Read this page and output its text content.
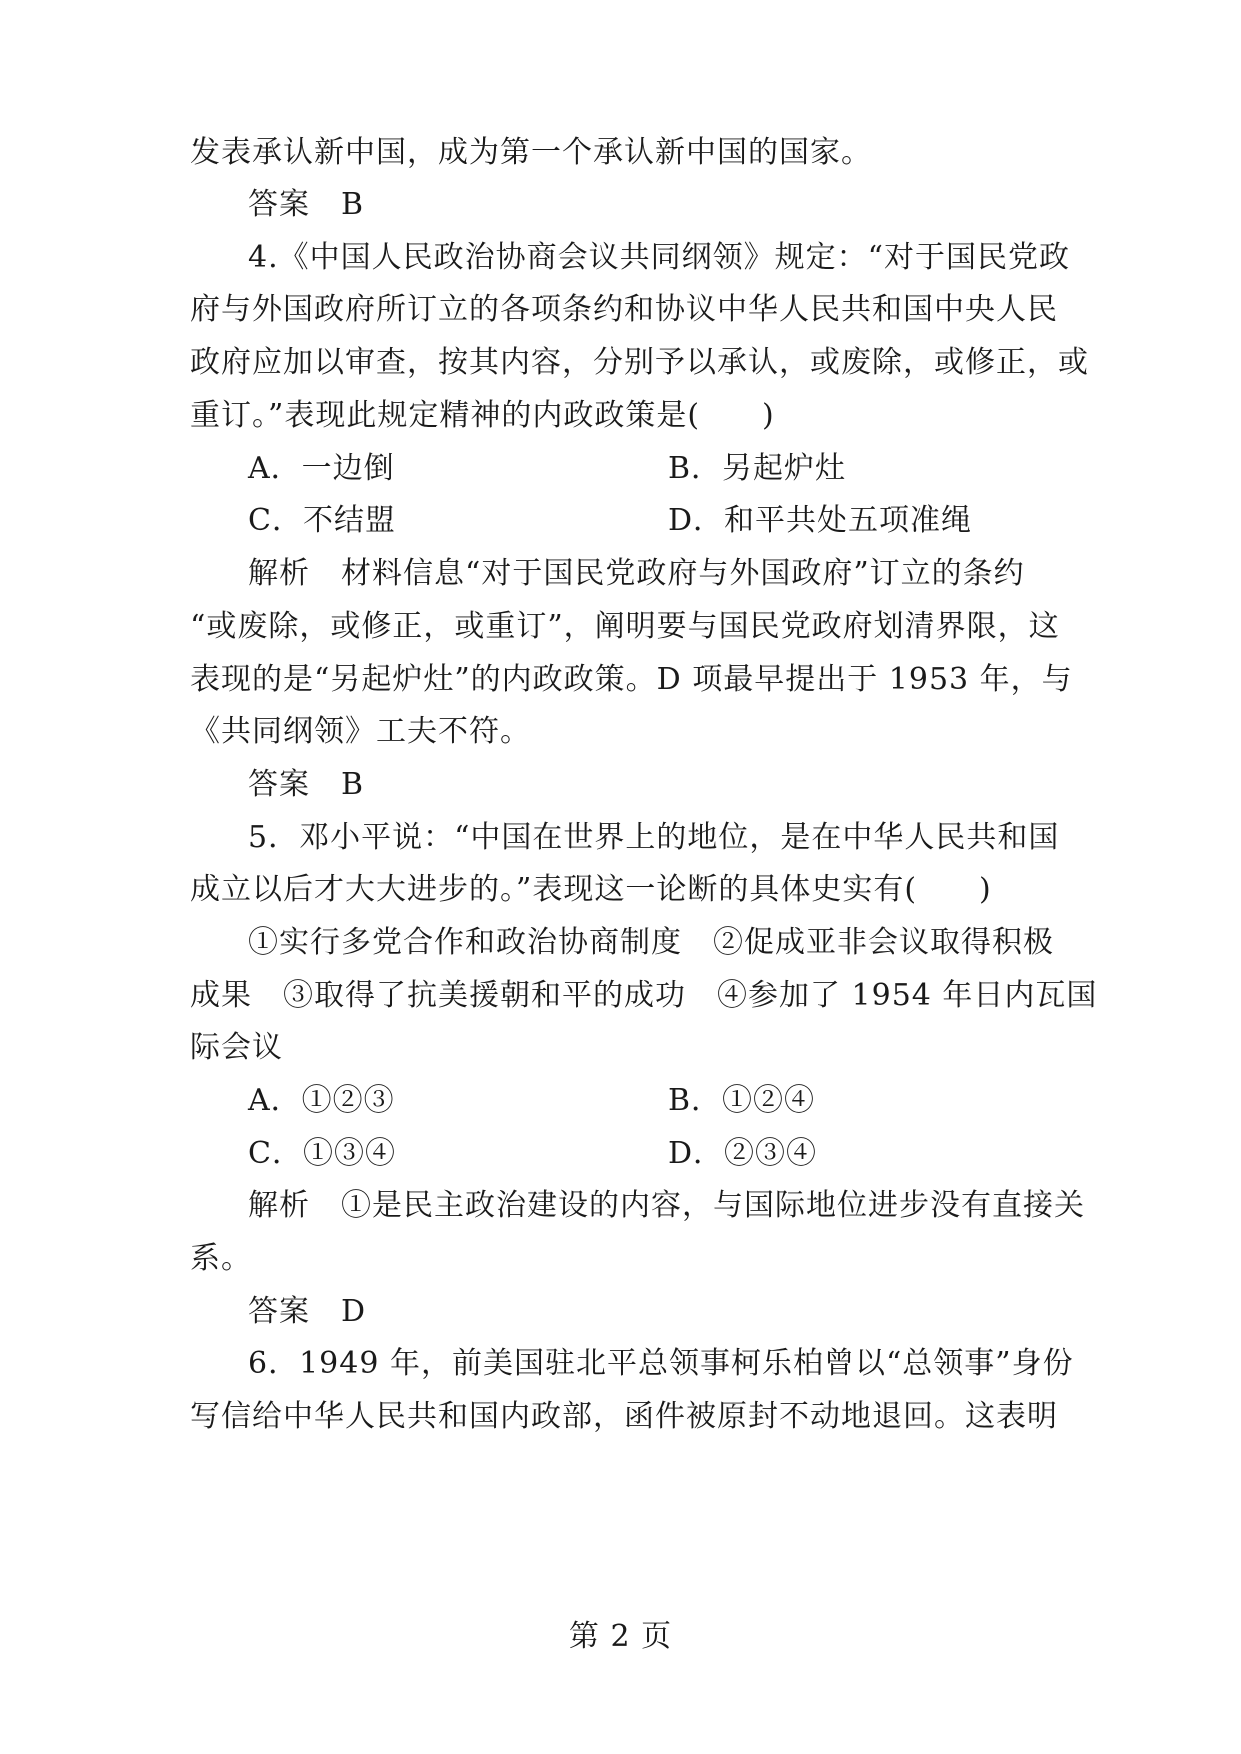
发表承认新中国，成为第一个承认新中国的国家。
答案　B
4.《中国人民政治协商会议共同纲领》规定：“对于国民党政
府与外国政府所订立的各项条约和协议中华人民共和国中央人民
政府应加以审查，按其内容，分别予以承认，或废除，或修正，或
重订。”表现此规定精神的内政政策是(　　)
A．一边倒	B．另起炉灶
C．不结盟	D．和平共处五项准绳
解析　材料信息“对于国民党政府与外国政府”订立的条约
“或废除，或修正，或重订”，阐明要与国民党政府划清界限，这
表现的是“另起炉灶”的内政政策。D 项最早提出于 1953 年，与
《共同纲领》工夫不符。
答案　B
5．邓小平说：“中国在世界上的地位，是在中华人民共和国
成立以后才大大进步的。”表现这一论断的具体史实有(　　)
①实行多党合作和政治协商制度　②促成亚非会议取得积极
成果　③取得了抗美援朝和平的成功　④参加了 1954 年日内瓦国
际会议
A．①②③	B．①②④
C．①③④	D．②③④
解析　①是民主政治建设的内容，与国际地位进步没有直接关
系。
答案　D
6．1949 年，前美国驻北平总领事柯乐柏曾以“总领事”身份
写信给中华人民共和国内政部，函件被原封不动地退回。这表明
第 2 页
